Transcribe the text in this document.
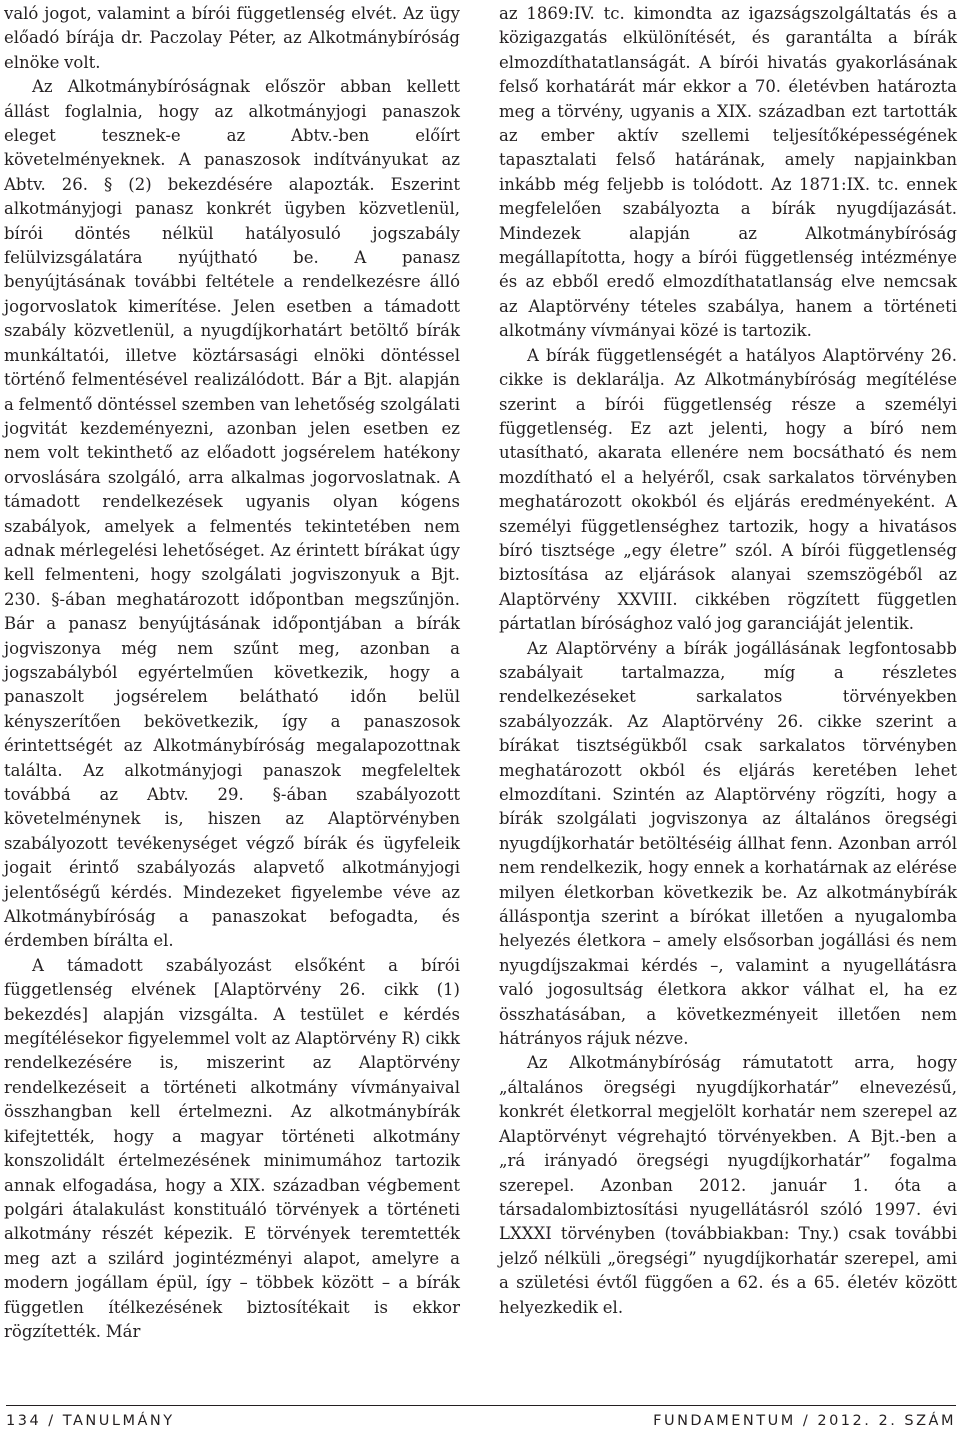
való jogot, valamint a bírói függetlenség elvét. Az ügy előadó bírája dr. Paczolay Péter, az Alkotmánybíróság elnöke volt.

Az Alkotmánybíróságnak először abban kellett állást foglalnia, hogy az alkotmányjogi panaszok eleget tesznek-e az Abtv.-ben előírt követelményeknek. A panaszosok indítványukat az Abtv. 26. § (2) bekezdésére alapozták. Eszerint alkotmányjogi panasz konkrét ügyben közvetlenül, bírói döntés nélkül hatályosuló jogszabály felülvizsgálatára nyújtható be. A panasz benyújtásának további feltétele a rendelkezésre álló jogorvoslatok kimerítése. Jelen esetben a támadott szabály közvetlenül, a nyugdíjkorhatárt betöltő bírák munkáltatói, illetve köztársasági elnöki döntéssel történő felmentésével realizálódott. Bár a Bjt. alapján a felmentő döntéssel szemben van lehetőség szolgálati jogvitát kezdeményezni, azonban jelen esetben ez nem volt tekinthető az előadott jogsérelem hatékony orvoslására szolgáló, arra alkalmas jogorvoslatnak. A támadott rendelkezések ugyanis olyan kógens szabályok, amelyek a felmentés tekintetében nem adnak mérlegelési lehetőséget. Az érintett bírákat úgy kell felmenteni, hogy szolgálati jogviszonyuk a Bjt. 230. §-ában meghatározott időpontban megszűnjön. Bár a panasz benyújtásának időpontjában a bírák jogviszonya még nem szűnt meg, azonban a jogszabályból egyértelműen következik, hogy a panaszolt jogsérelem belátható időn belül kényszerítően bekövetkezik, így a panaszosok érintettségét az Alkotmánybíróság megalapozottnak találta. Az alkotmányjogi panaszok megfeleltek továbbá az Abtv. 29. §-ában szabályozott követelménynek is, hiszen az Alaptörvényben szabályozott tevékenységet végző bírák és ügyfeleik jogait érintő szabályozás alapvető alkotmányjogi jelentőségű kérdés. Mindezeket figyelembe véve az Alkotmánybíróság a panaszokat befogadta, és érdemben bírálta el.

A támadott szabályozást elsőként a bírói függetlenség elvének [Alaptörvény 26. cikk (1) bekezdés] alapján vizsgálta. A testület e kérdés megítélésekor figyelemmel volt az Alaptörvény R) cikk rendelkezésére is, miszerint az Alaptörvény rendelkezéseit a történeti alkotmány vívmányaival összhangban kell értelmezni. Az alkotmánybírák kifejtették, hogy a magyar történeti alkotmány konszolidált értelmezésének minimumához tartozik annak elfogadása, hogy a XIX. században végbement polgári átalakulást konstituáló törvények a történeti alkotmány részét képezik. E törvények teremtették meg azt a szilárd jogintézményi alapot, amelyre a modern jogállam épül, így – többek között – a bírák független ítélkezésének biztosítékait is ekkor rögzítették. Már

az 1869:IV. tc. kimondta az igazságszolgáltatás és a közigazgatás elkülönítését, és garantálta a bírák elmozdíthatatlanságát. A bírói hivatás gyakorlásának felső korhatárát már ekkor a 70. életévben határozta meg a törvény, ugyanis a XIX. században ezt tartották az ember aktív szellemi teljesítőképességének tapasztalati felső határának, amely napjainkban inkább még feljebb is tolódott. Az 1871:IX. tc. ennek megfelelően szabályozta a bírák nyugdíjazását. Mindezek alapján az Alkotmánybíróság megállapította, hogy a bírói függetlenség intézménye és az ebből eredő elmozdíthatatlanság elve nemcsak az Alaptörvény tételes szabálya, hanem a történeti alkotmány vívmányai közé is tartozik.

A bírák függetlenségét a hatályos Alaptörvény 26. cikke is deklarálja. Az Alkotmánybíróság megítélése szerint a bírói függetlenség része a személyi függetlenség. Ez azt jelenti, hogy a bíró nem utasítható, akarata ellenére nem bocsátható és nem mozdítható el a helyéről, csak sarkalatos törvényben meghatározott okokból és eljárás eredményeként. A személyi függetlenséghez tartozik, hogy a hivatásos bíró tisztsége „egy életre” szól. A bírói függetlenség biztosítása az eljárások alanyai szemszögéből az Alaptörvény XXVIII. cikkében rögzített független pártatlan bírósághoz való jog garanciáját jelentik.

Az Alaptörvény a bírák jogállásának legfontosabb szabályait tartalmazza, míg a részletes rendelkezéseket sarkalatos törvényekben szabályozzák. Az Alaptörvény 26. cikke szerint a bírákat tisztségükből csak sarkalatos törvényben meghatározott okból és eljárás keretében lehet elmozdítani. Szintén az Alaptörvény rögzíti, hogy a bírák szolgálati jogviszonya az általános öregségi nyugdíjkorhatár betöltéséig állhat fenn. Azonban arról nem rendelkezik, hogy ennek a korhatárnak az elérése milyen életkorban következik be. Az alkotmánybírák álláspontja szerint a bírókat illetően a nyugalomba helyezés életkora – amely elsősorban jogállási és nem nyugdíjszakmai kérdés –, valamint a nyugellátásra való jogosultság életkora akkor válhat el, ha ez összhatásában, a következményeit illetően nem hátrányos rájuk nézve.

Az Alkotmánybíróság rámutatott arra, hogy „általános öregségi nyugdíjkorhatár” elnevezésű, konkrét életkorral megjelölt korhatár nem szerepel az Alaptörvényt végrehajtó törvényekben. A Bjt.-ben a „rá irányadó öregségi nyugdíjkorhatár” fogalma szerepel. Azonban 2012. január 1. óta a társadalombiztosítási nyugellátásról szóló 1997. évi LXXXI törvényben (továbbiakban: Tny.) csak további jelző nélküli „öregségi” nyugdíjkorhatár szerepel, ami a születési évtől függően a 62. és a 65. életév között helyezkedik el.

134 / TANULMÁNY	FUNDAMENTUM / 2012. 2. SZÁM
